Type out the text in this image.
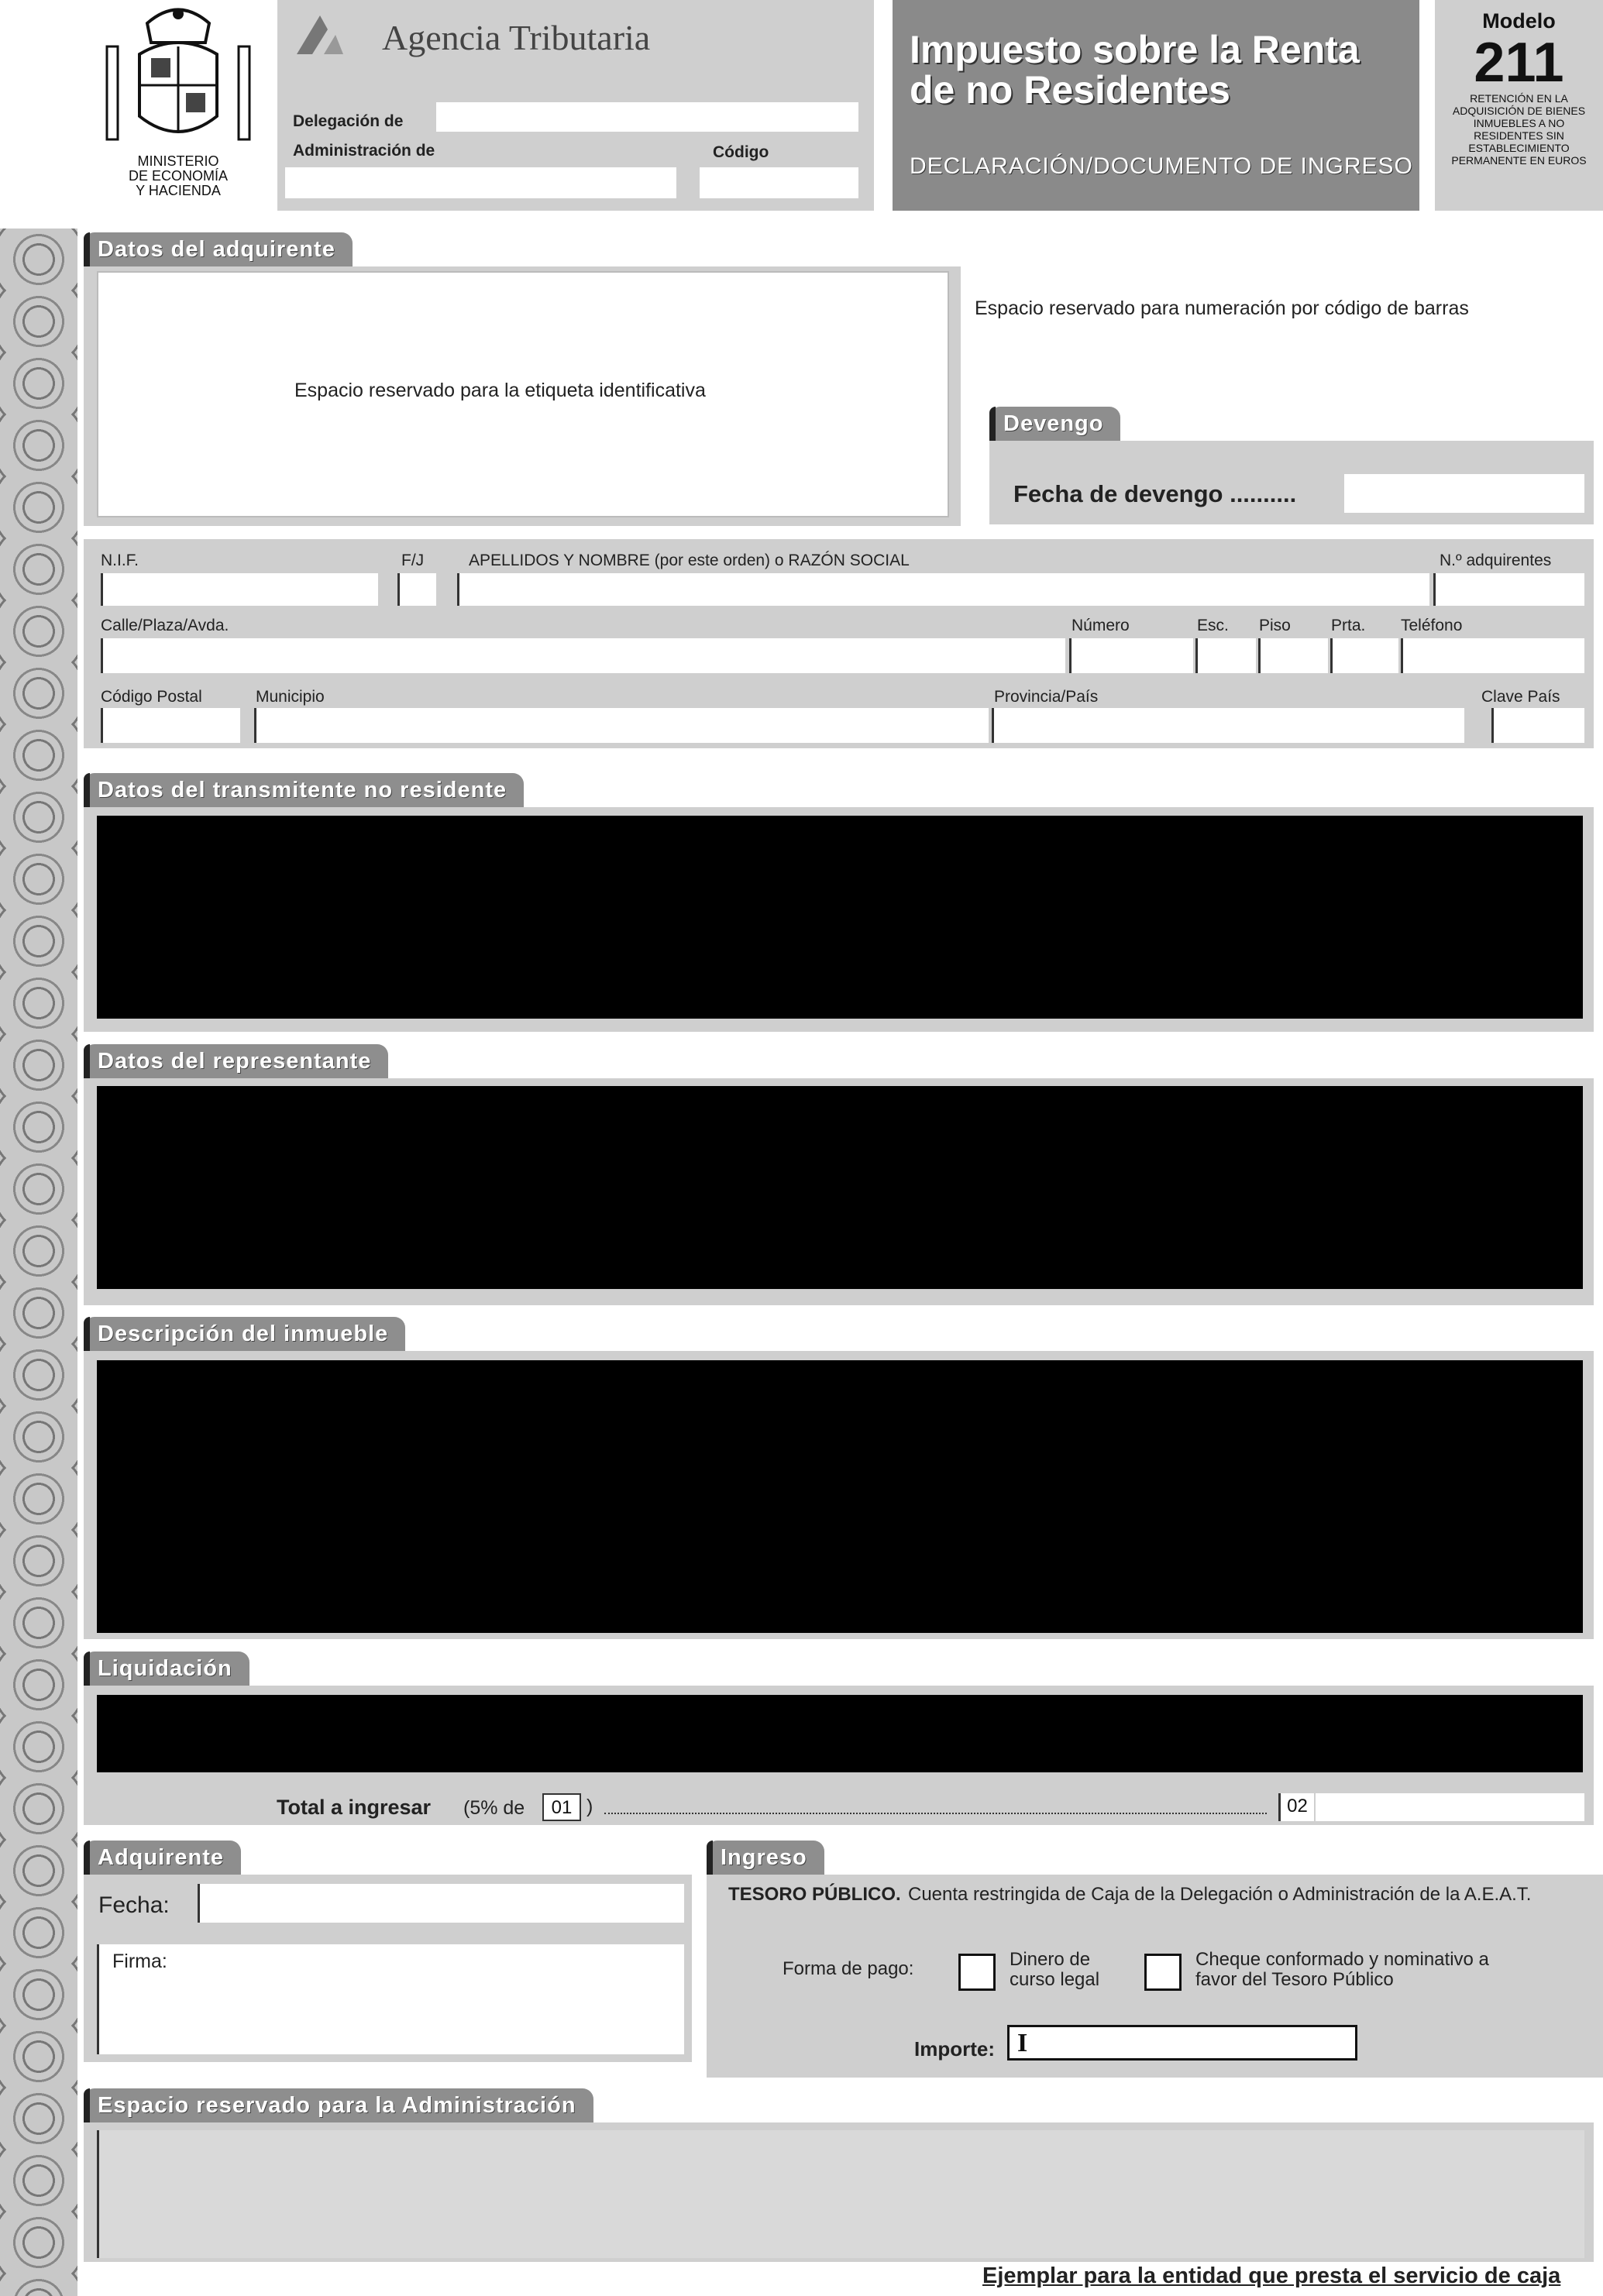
MINISTERIO
DE ECONOMÍA
Y HACIENDA
Agencia Tributaria
Delegación de
Administración de	Código
Impuesto sobre la Renta de no Residentes
DECLARACIÓN/DOCUMENTO DE INGRESO
Modelo
211
RETENCIÓN EN LA ADQUISICIÓN DE BIENES INMUEBLES A NO RESIDENTES SIN ESTABLECIMIENTO PERMANENTE EN EUROS
Datos del adquirente
Espacio reservado para la etiqueta identificativa
Espacio reservado para numeración por código de barras
Devengo
Fecha de devengo ..........
N.I.F.	F/J	APELLIDOS Y NOMBRE (por este orden) o RAZÓN SOCIAL	N.º adquirentes
Calle/Plaza/Avda.	Número	Esc. Piso Prta. Teléfono
Código Postal	Municipio	Provincia/País	Clave País
Datos del transmitente no residente
Datos del representante
Descripción del inmueble
Liquidación
Total a ingresar (5% de	01 )	02
Adquirente
Fecha:
Firma:
Ingreso
TESORO PÚBLICO. Cuenta restringida de Caja de la Delegación o Administración de la A.E.A.T.
Forma de pago:	Dinero de
curso legal
Cheque conformado y nominativo a
favor del Tesoro Público
Importe: I
Espacio reservado para la Administración
Ejemplar para la entidad que presta el servicio de caja
